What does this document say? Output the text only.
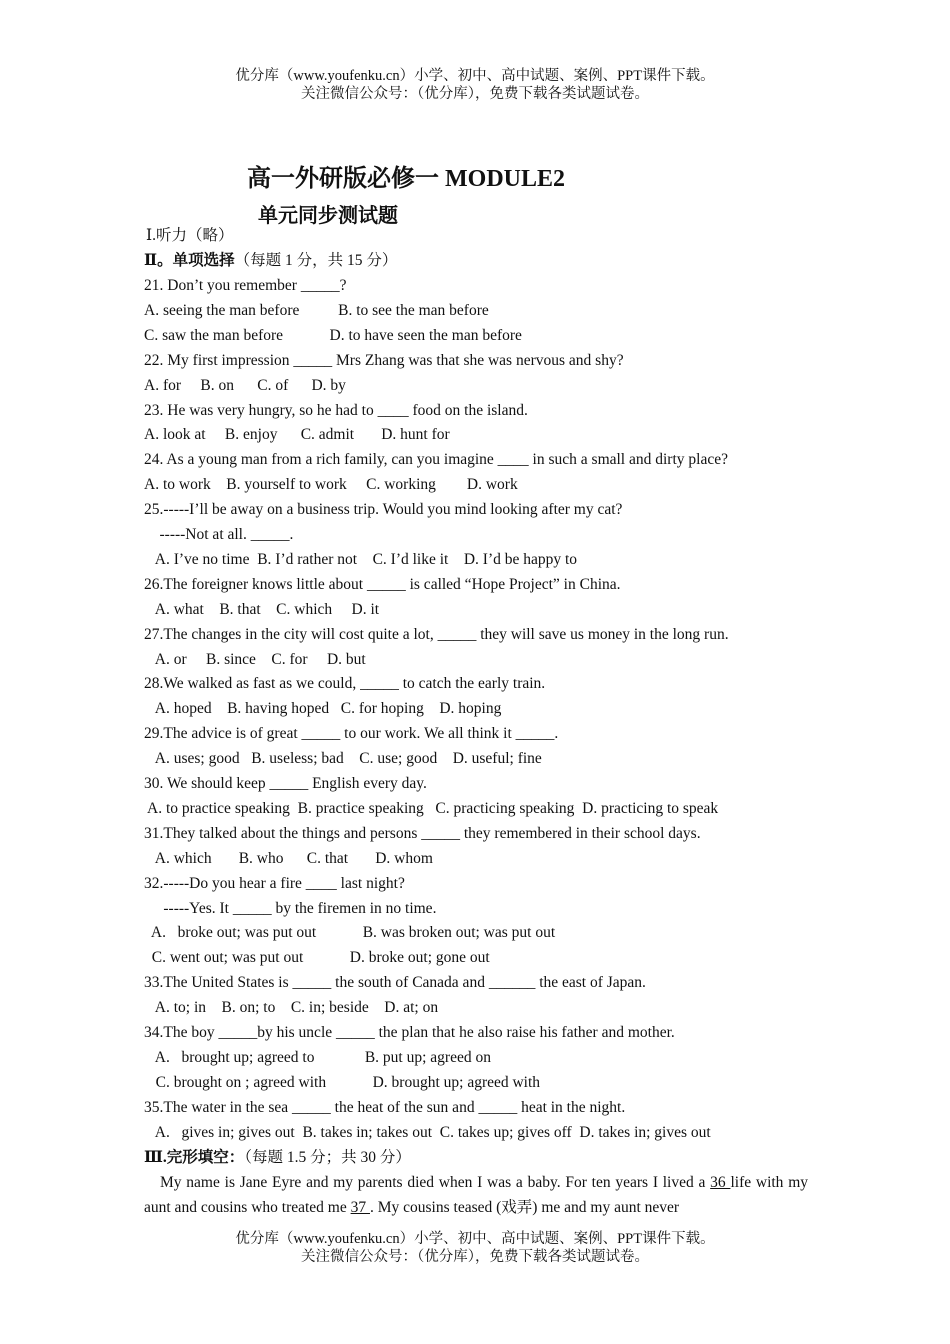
优分库（www.youfenku.cn）小学、初中、高中试题、案例、PPT课件下载。
关注微信公众号：（优分库），免费下载各类试题试卷。
高一外研版必修一 MODULE2
单元同步测试题
Ⅰ.听力（略）
Ⅱ。单项选择（每题 1 分，共 15 分）
21. Don’t you remember _____?
A. seeing the man before          B. to see the man before
C. saw the man before            D. to have seen the man before
22. My first impression _____ Mrs Zhang was that she was nervous and shy?
A. for     B. on      C. of      D. by
23. He was very hungry, so he had to ____ food on the island.
A. look at     B. enjoy      C. admit       D. hunt for
24. As a young man from a rich family, can you imagine ____ in such a small and dirty place?
A. to work    B. yourself to work     C. working        D. work
25.-----I’ll be away on a business trip. Would you mind looking after my cat?
-----Not at all. _____.
A. I’ve no time  B. I’d rather not    C. I’d like it    D. I’d be happy to
26.The foreigner knows little about _____ is called “Hope Project” in China.
A. what    B. that    C. which     D. it
27.The changes in the city will cost quite a lot, _____ they will save us money in the long run.
A. or     B. since    C. for     D. but
28.We walked as fast as we could, _____ to catch the early train.
A. hoped    B. having hoped   C. for hoping    D. hoping
29.The advice is of great _____ to our work. We all think it _____.
A. uses; good   B. useless; bad    C. use; good    D. useful; fine
30. We should keep _____ English every day.
A. to practice speaking  B. practice speaking   C. practicing speaking  D. practicing to speak
31.They talked about the things and persons _____ they remembered in their school days.
A. which       B. who      C. that       D. whom
32.-----Do you hear a fire ____ last night?
-----Yes. It _____ by the firemen in no time.
A.   broke out; was put out            B. was broken out; was put out
C. went out; was put out            D. broke out; gone out
33.The United States is _____ the south of Canada and ______ the east of Japan.
A. to; in    B. on; to    C. in; beside    D. at; on
34.The boy _____by his uncle _____ the plan that he also raise his father and mother.
A.   brought up; agreed to             B. put up; agreed on
C. brought on ; agreed with            D. brought up; agreed with
35.The water in the sea _____ the heat of the sun and _____ heat in the night.
A.   gives in; gives out  B. takes in; takes out  C. takes up; gives off  D. takes in; gives out
Ⅲ.完形填空：（每题 1.5 分；共 30 分）

My name is Jane Eyre and my parents died when I was a baby. For ten years I lived a 36 life with my aunt and cousins who treated me 37 . My cousins teased (戏弄) me and my aunt never

优分库（www.youfenku.cn）小学、初中、高中试题、案例、PPT课件下载。
关注微信公众号：（优分库），免费下载各类试题试卷。
